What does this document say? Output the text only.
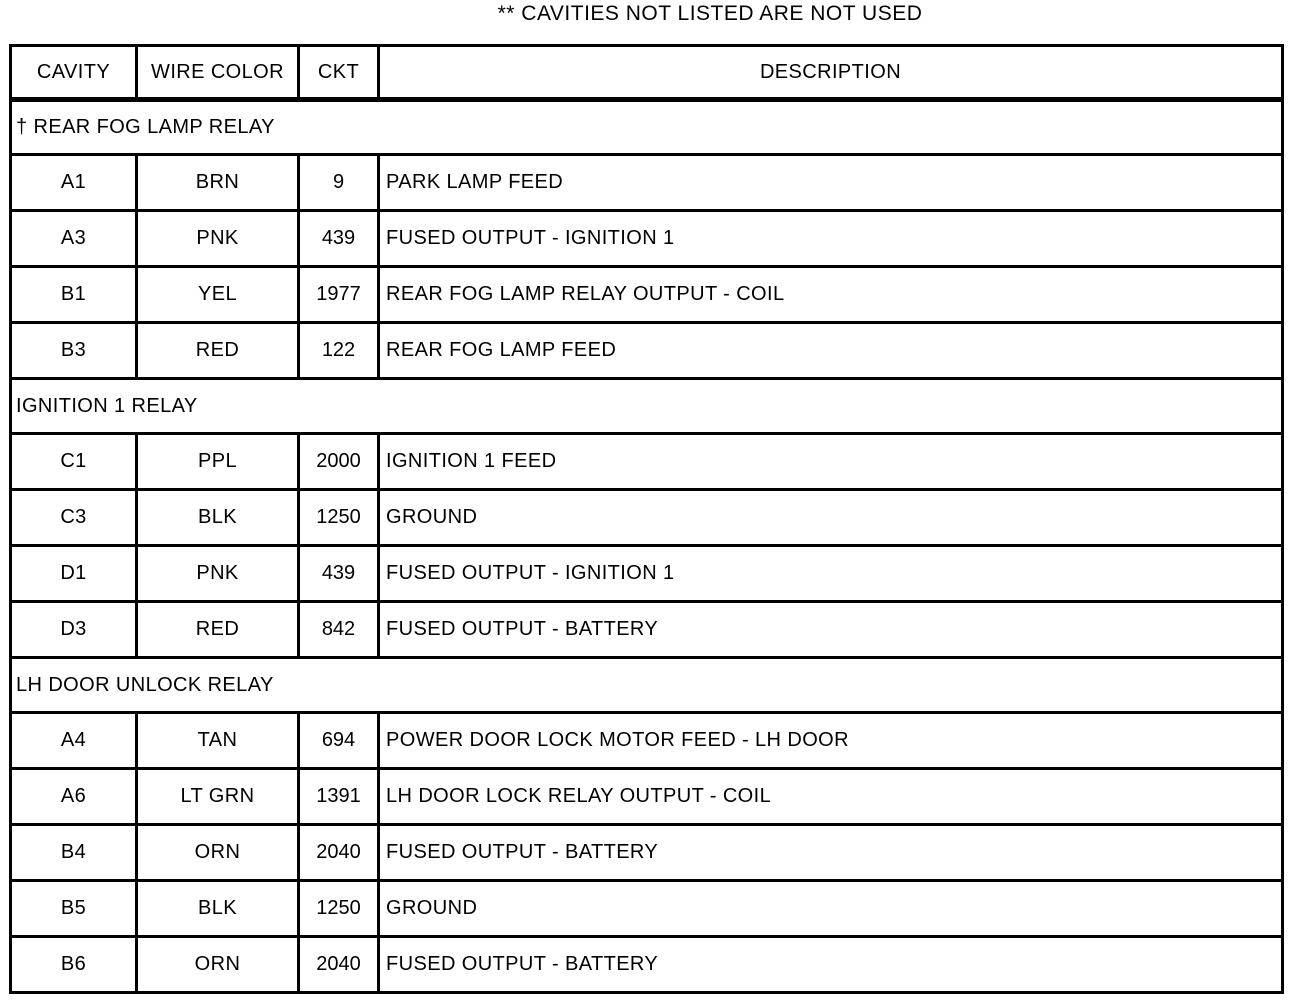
** CAVITIES NOT LISTED ARE NOT USED
CAVITY	WIRE COLOR	CKT	DESCRIPTION
† REAR FOG LAMP RELAY			
A1	BRN	9	PARK LAMP FEED
A3	PNK	439	FUSED OUTPUT - IGNITION 1
B1	YEL	1977	REAR FOG LAMP RELAY OUTPUT - COIL
B3	RED	122	REAR FOG LAMP FEED
IGNITION 1 RELAY			
C1	PPL	2000	IGNITION 1 FEED
C3	BLK	1250	GROUND
D1	PNK	439	FUSED OUTPUT - IGNITION 1
D3	RED	842	FUSED OUTPUT - BATTERY
LH DOOR UNLOCK RELAY			
A4	TAN	694	POWER DOOR LOCK MOTOR FEED - LH DOOR
A6	LT GRN	1391	LH DOOR LOCK RELAY OUTPUT - COIL
B4	ORN	2040	FUSED OUTPUT - BATTERY
B5	BLK	1250	GROUND
B6	ORN	2040	FUSED OUTPUT - BATTERY
